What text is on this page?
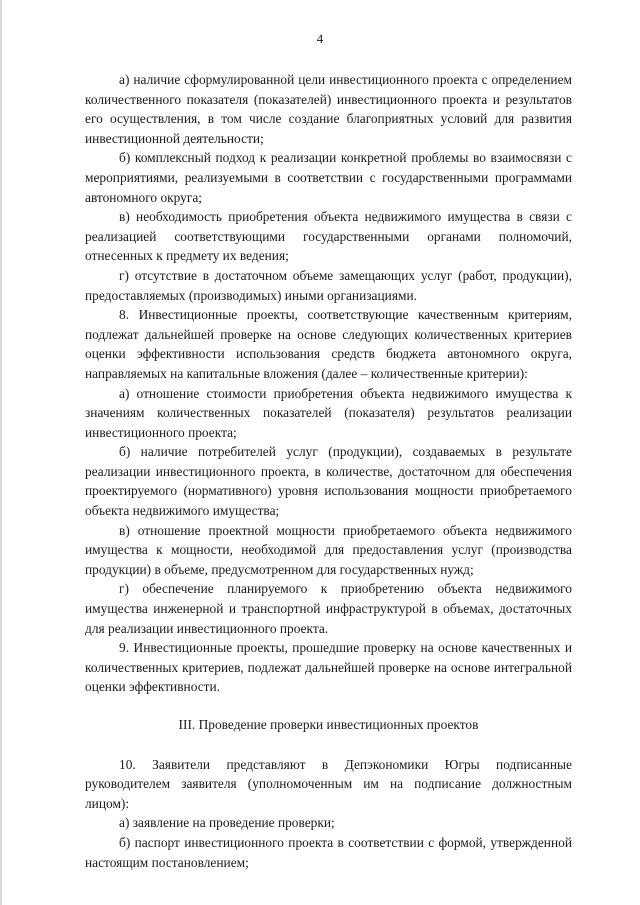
4

а) наличие сформулированной цели инвестиционного проекта с определением количественного показателя (показателей) инвестиционного проекта и результатов его осуществления, в том числе создание благоприятных условий для развития инвестиционной деятельности;

б) комплексный подход к реализации конкретной проблемы во взаимосвязи с мероприятиями, реализуемыми в соответствии с государственными программами автономного округа;

в) необходимость приобретения объекта недвижимого имущества в связи с реализацией соответствующими государственными органами полномочий, отнесенных к предмету их ведения;

г) отсутствие в достаточном объеме замещающих услуг (работ, продукции), предоставляемых (производимых) иными организациями.

8. Инвестиционные проекты, соответствующие качественным критериям, подлежат дальнейшей проверке на основе следующих количественных критериев оценки эффективности использования средств бюджета автономного округа, направляемых на капитальные вложения (далее – количественные критерии):

а) отношение стоимости приобретения объекта недвижимого имущества к значениям количественных показателей (показателя) результатов реализации инвестиционного проекта;

б) наличие потребителей услуг (продукции), создаваемых в результате реализации инвестиционного проекта, в количестве, достаточном для обеспечения проектируемого (нормативного) уровня использования мощности приобретаемого объекта недвижимого имущества;

в) отношение проектной мощности приобретаемого объекта недвижимого имущества к мощности, необходимой для предоставления услуг (производства продукции) в объеме, предусмотренном для государственных нужд;

г) обеспечение планируемого к приобретению объекта недвижимого имущества инженерной и транспортной инфраструктурой в объемах, достаточных для реализации инвестиционного проекта.

9. Инвестиционные проекты, прошедшие проверку на основе качественных и количественных критериев, подлежат дальнейшей проверке на основе интегральной оценки эффективности.

III. Проведение проверки инвестиционных проектов

10. Заявители представляют в Депэкономики Югры подписанные руководителем заявителя (уполномоченным им на подписание должностным лицом):

а) заявление на проведение проверки;

б) паспорт инвестиционного проекта в соответствии с формой, утвержденной настоящим постановлением;
